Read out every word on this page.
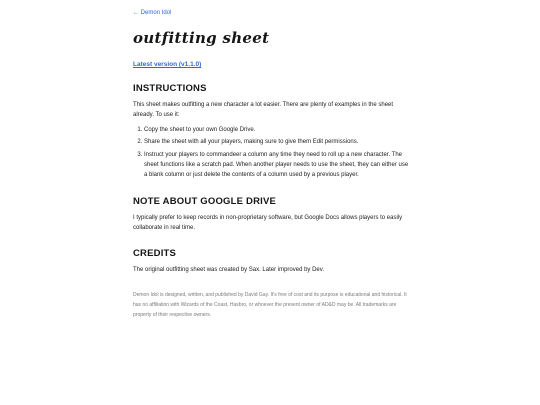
← Demon Idol
outfitting sheet
Latest version (v1.1.0)
INSTRUCTIONS

This sheet makes outfitting a new character a lot easier. There are plenty of examples in the sheet already. To use it:

1. Copy the sheet to your own Google Drive.
2. Share the sheet with all your players, making sure to give them Edit permissions.
3. Instruct your players to commandeer a column any time they need to roll up a new character. The sheet functions like a scratch pad. When another player needs to use the sheet, they can either use a blank column or just delete the contents of a column used by a previous player.
NOTE ABOUT GOOGLE DRIVE

I typically prefer to keep records in non-proprietary software, but Google Docs allows players to easily collaborate in real time.

CREDITS

The original outfitting sheet was created by Sax. Later improved by Dev.

Demon Idol is designed, written, and published by David Gay. It's free of cost and its purpose is educational and historical. It has no affiliation with Wizards of the Coast, Hasbro, or whoever the present owner of AD&D may be. All trademarks are property of their respective owners.
